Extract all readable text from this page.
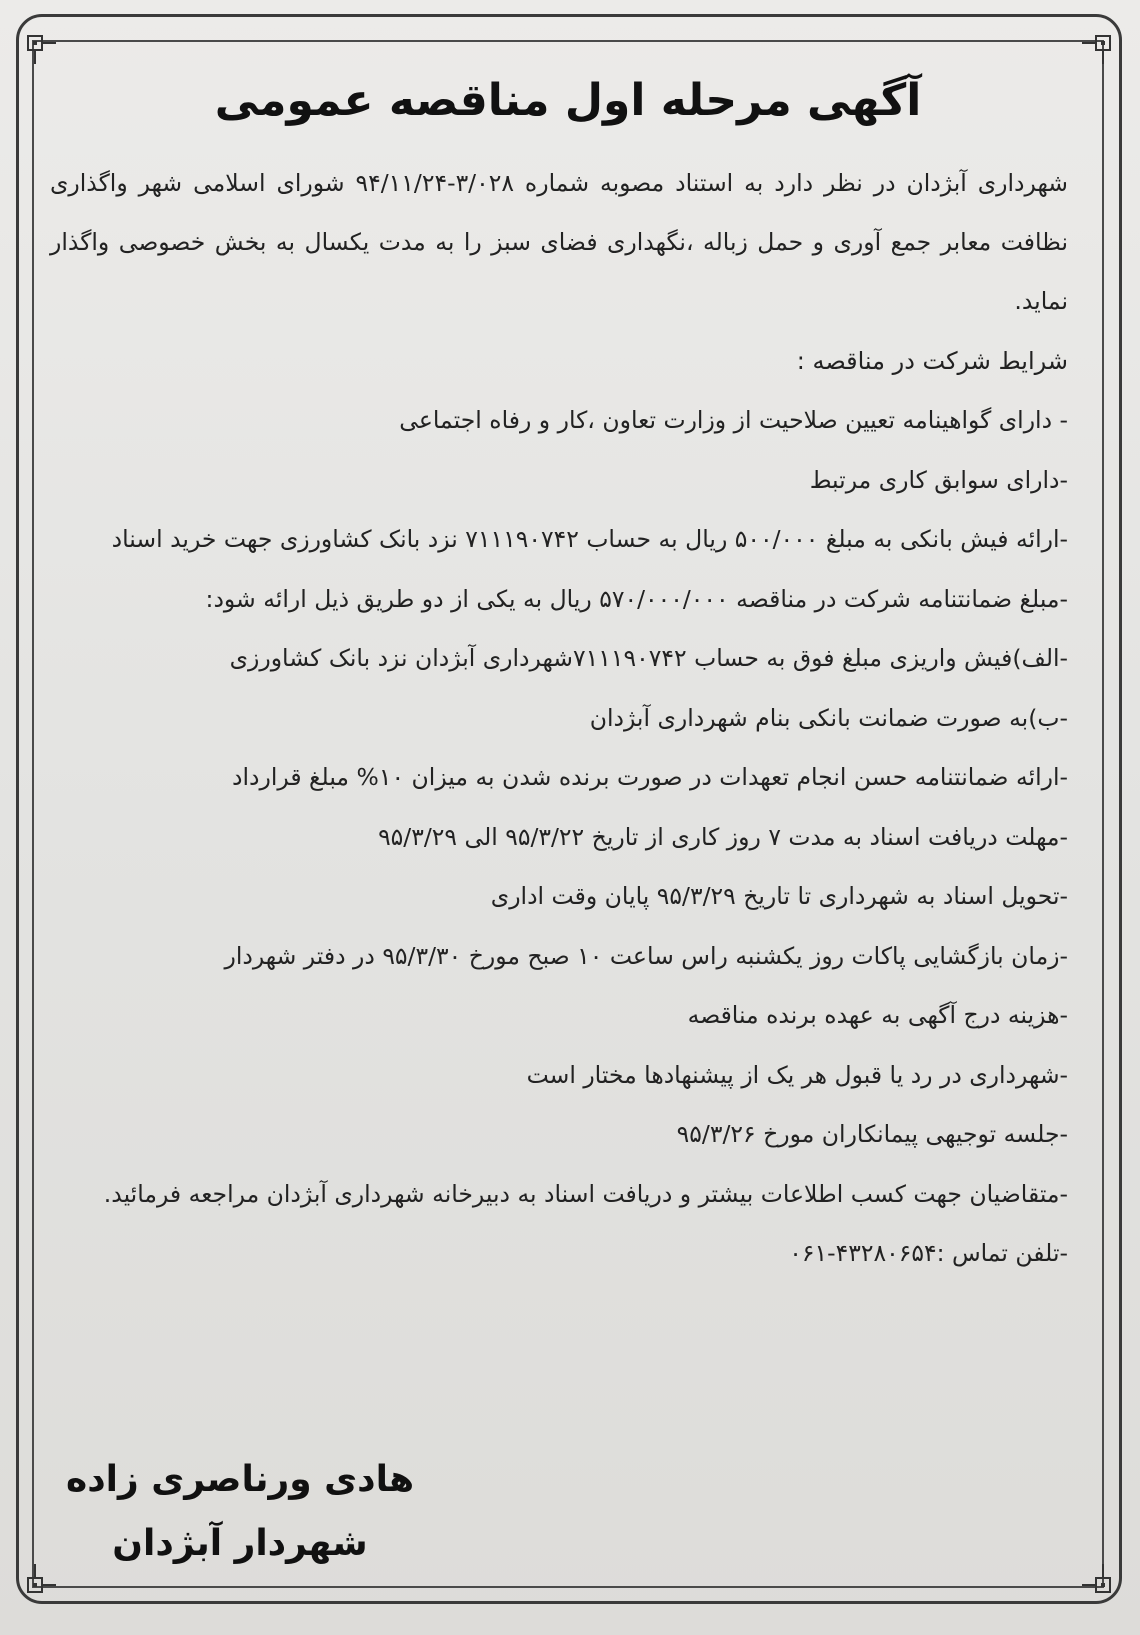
آگهی مرحله اول مناقصه عمومی

شهرداری آبژدان در نظر دارد به استناد مصوبه شماره ۳/۰۲۸-۹۴/۱۱/۲۴ شورای اسلامی شهر واگذاری نظافت معابر جمع آوری و حمل زباله ،نگهداری فضای سبز را به مدت یکسال به بخش خصوصی واگذار نماید.

شرایط شرکت در مناقصه :
- دارای گواهینامه تعیین صلاحیت از وزارت تعاون ،کار و رفاه اجتماعی
-دارای سوابق کاری مرتبط
-ارائه فیش بانکی به مبلغ ۵۰۰/۰۰۰ ریال به حساب ۷۱۱۱۹۰۷۴۲ نزد بانک کشاورزی جهت خرید اسناد
-مبلغ ضمانتنامه شرکت در مناقصه ۵۷۰/۰۰۰/۰۰۰ ریال به یکی از دو طریق ذیل ارائه شود:
-الف)فیش واریزی مبلغ فوق به حساب ۷۱۱۱۹۰۷۴۲شهرداری آبژدان نزد بانک کشاورزی
-ب)به صورت ضمانت بانکی بنام شهرداری آبژدان
-ارائه ضمانتنامه حسن انجام تعهدات در صورت برنده شدن به میزان ۱۰% مبلغ قرارداد
-مهلت دریافت اسناد به مدت ۷ روز کاری از تاریخ ۹۵/۳/۲۲ الی ۹۵/۳/۲۹
-تحویل اسناد به شهرداری تا تاریخ ۹۵/۳/۲۹ پایان وقت اداری
-زمان بازگشایی پاکات روز یکشنبه راس ساعت ۱۰ صبح مورخ ۹۵/۳/۳۰ در دفتر شهردار
-هزینه درج آگهی به عهده برنده مناقصه
-شهرداری در رد یا قبول هر یک از پیشنهادها مختار است
-جلسه توجیهی پیمانکاران مورخ ۹۵/۳/۲۶
-متقاضیان جهت کسب اطلاعات بیشتر و دریافت اسناد به دبیرخانه شهرداری آبژدان مراجعه فرمائید.
-تلفن تماس :۴۳۲۸۰۶۵۴-۰۶۱
هادی ورناصری زاده
شهردار آبژدان
